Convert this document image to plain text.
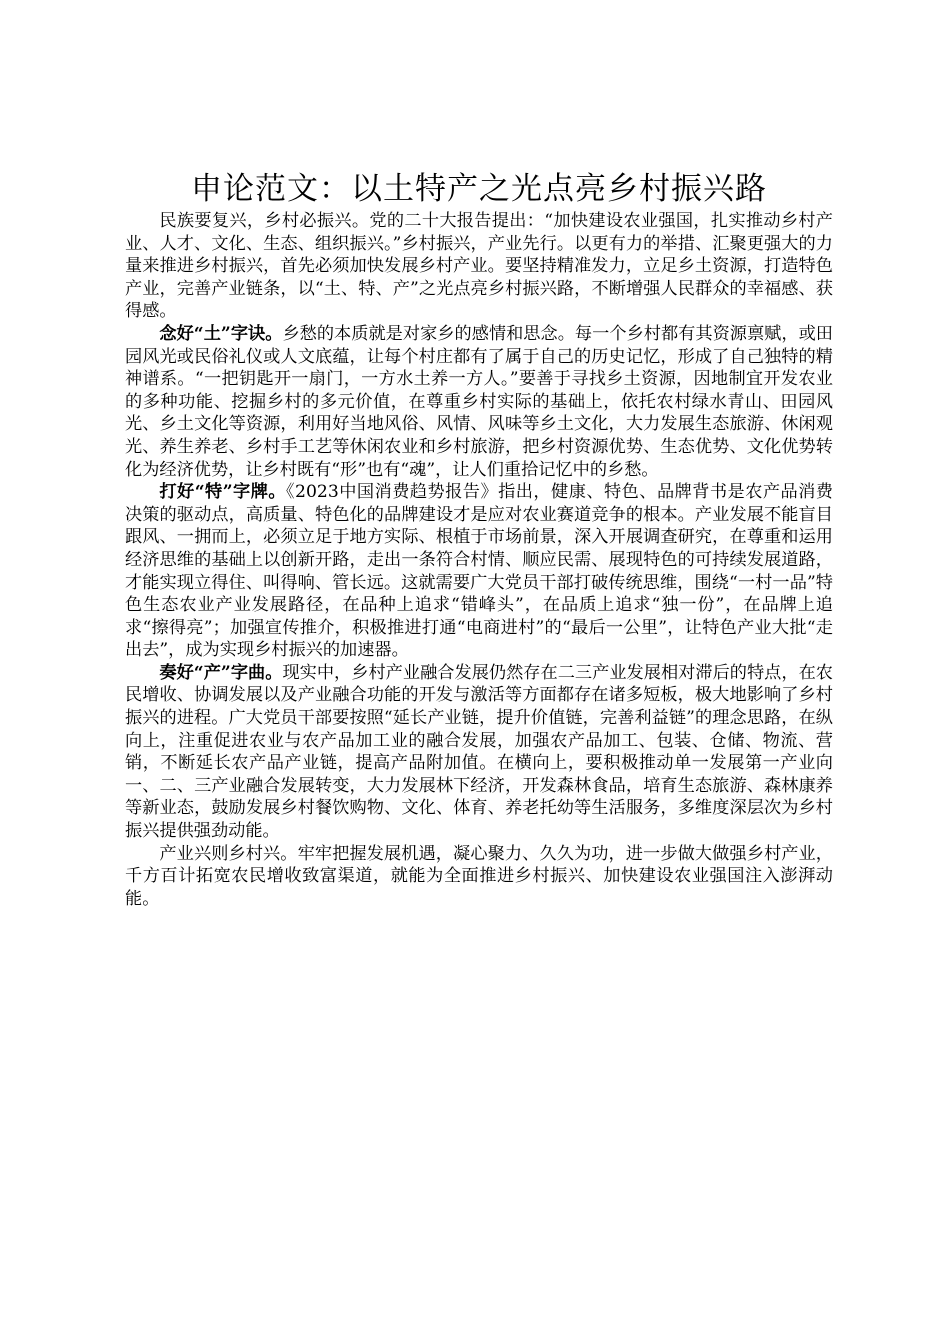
申论范文：以土特产之光点亮乡村振兴路

民族要复兴，乡村必振兴。党的二十大报告提出：“加快建设农业强国，扎实推动乡村产业、人才、文化、生态、组织振兴。”乡村振兴，产业先行。以更有力的举措、汇聚更强大的力量来推进乡村振兴，首先必须加快发展乡村产业。要坚持精准发力，立足乡土资源，打造特色产业，完善产业链条，以“土、特、产”之光点亮乡村振兴路，不断增强人民群众的幸福感、获得感。

念好“土”字诀。乡愁的本质就是对家乡的感情和思念。每一个乡村都有其资源禀赋，或田园风光或民俗礼仪或人文底蕴，让每个村庄都有了属于自己的历史记忆，形成了自己独特的精神谱系。“一把钥匙开一扇门，一方水土养一方人。”要善于寻找乡土资源，因地制宜开发农业的多种功能、挖掘乡村的多元价值，在尊重乡村实际的基础上，依托农村绿水青山、田园风光、乡土文化等资源，利用好当地风俗、风情、风味等乡土文化，大力发展生态旅游、休闲观光、养生养老、乡村手工艺等休闲农业和乡村旅游，把乡村资源优势、生态优势、文化优势转化为经济优势，让乡村既有“形”也有“魂”，让人们重拾记忆中的乡愁。

打好“特”字牌。《2023中国消费趋势报告》指出，健康、特色、品牌背书是农产品消费决策的驱动点，高质量、特色化的品牌建设才是应对农业赛道竞争的根本。产业发展不能盲目跟风、一拥而上，必须立足于地方实际、根植于市场前景，深入开展调查研究，在尊重和运用经济思维的基础上以创新开路，走出一条符合村情、顺应民需、展现特色的可持续发展道路，才能实现立得住、叫得响、管长远。这就需要广大党员干部打破传统思维，围绕“一村一品”特色生态农业产业发展路径，在品种上追求“错峰头”，在品质上追求“独一份”，在品牌上追求“擦得亮”；加强宣传推介，积极推进打通“电商进村”的“最后一公里”，让特色产业大批“走出去”，成为实现乡村振兴的加速器。

奏好“产”字曲。现实中，乡村产业融合发展仍然存在二三产业发展相对滞后的特点，在农民增收、协调发展以及产业融合功能的开发与激活等方面都存在诸多短板，极大地影响了乡村振兴的进程。广大党员干部要按照“延长产业链，提升价值链，完善利益链”的理念思路，在纵向上，注重促进农业与农产品加工业的融合发展，加强农产品加工、包装、仓储、物流、营销，不断延长农产品产业链，提高产品附加值。在横向上，要积极推动单一发展第一产业向一、二、三产业融合发展转变，大力发展林下经济，开发森林食品，培育生态旅游、森林康养等新业态，鼓励发展乡村餐饮购物、文化、体育、养老托幼等生活服务，多维度深层次为乡村振兴提供强劲动能。

产业兴则乡村兴。牢牢把握发展机遇，凝心聚力、久久为功，进一步做大做强乡村产业，千方百计拓宽农民增收致富渠道，就能为全面推进乡村振兴、加快建设农业强国注入澎湃动能。
